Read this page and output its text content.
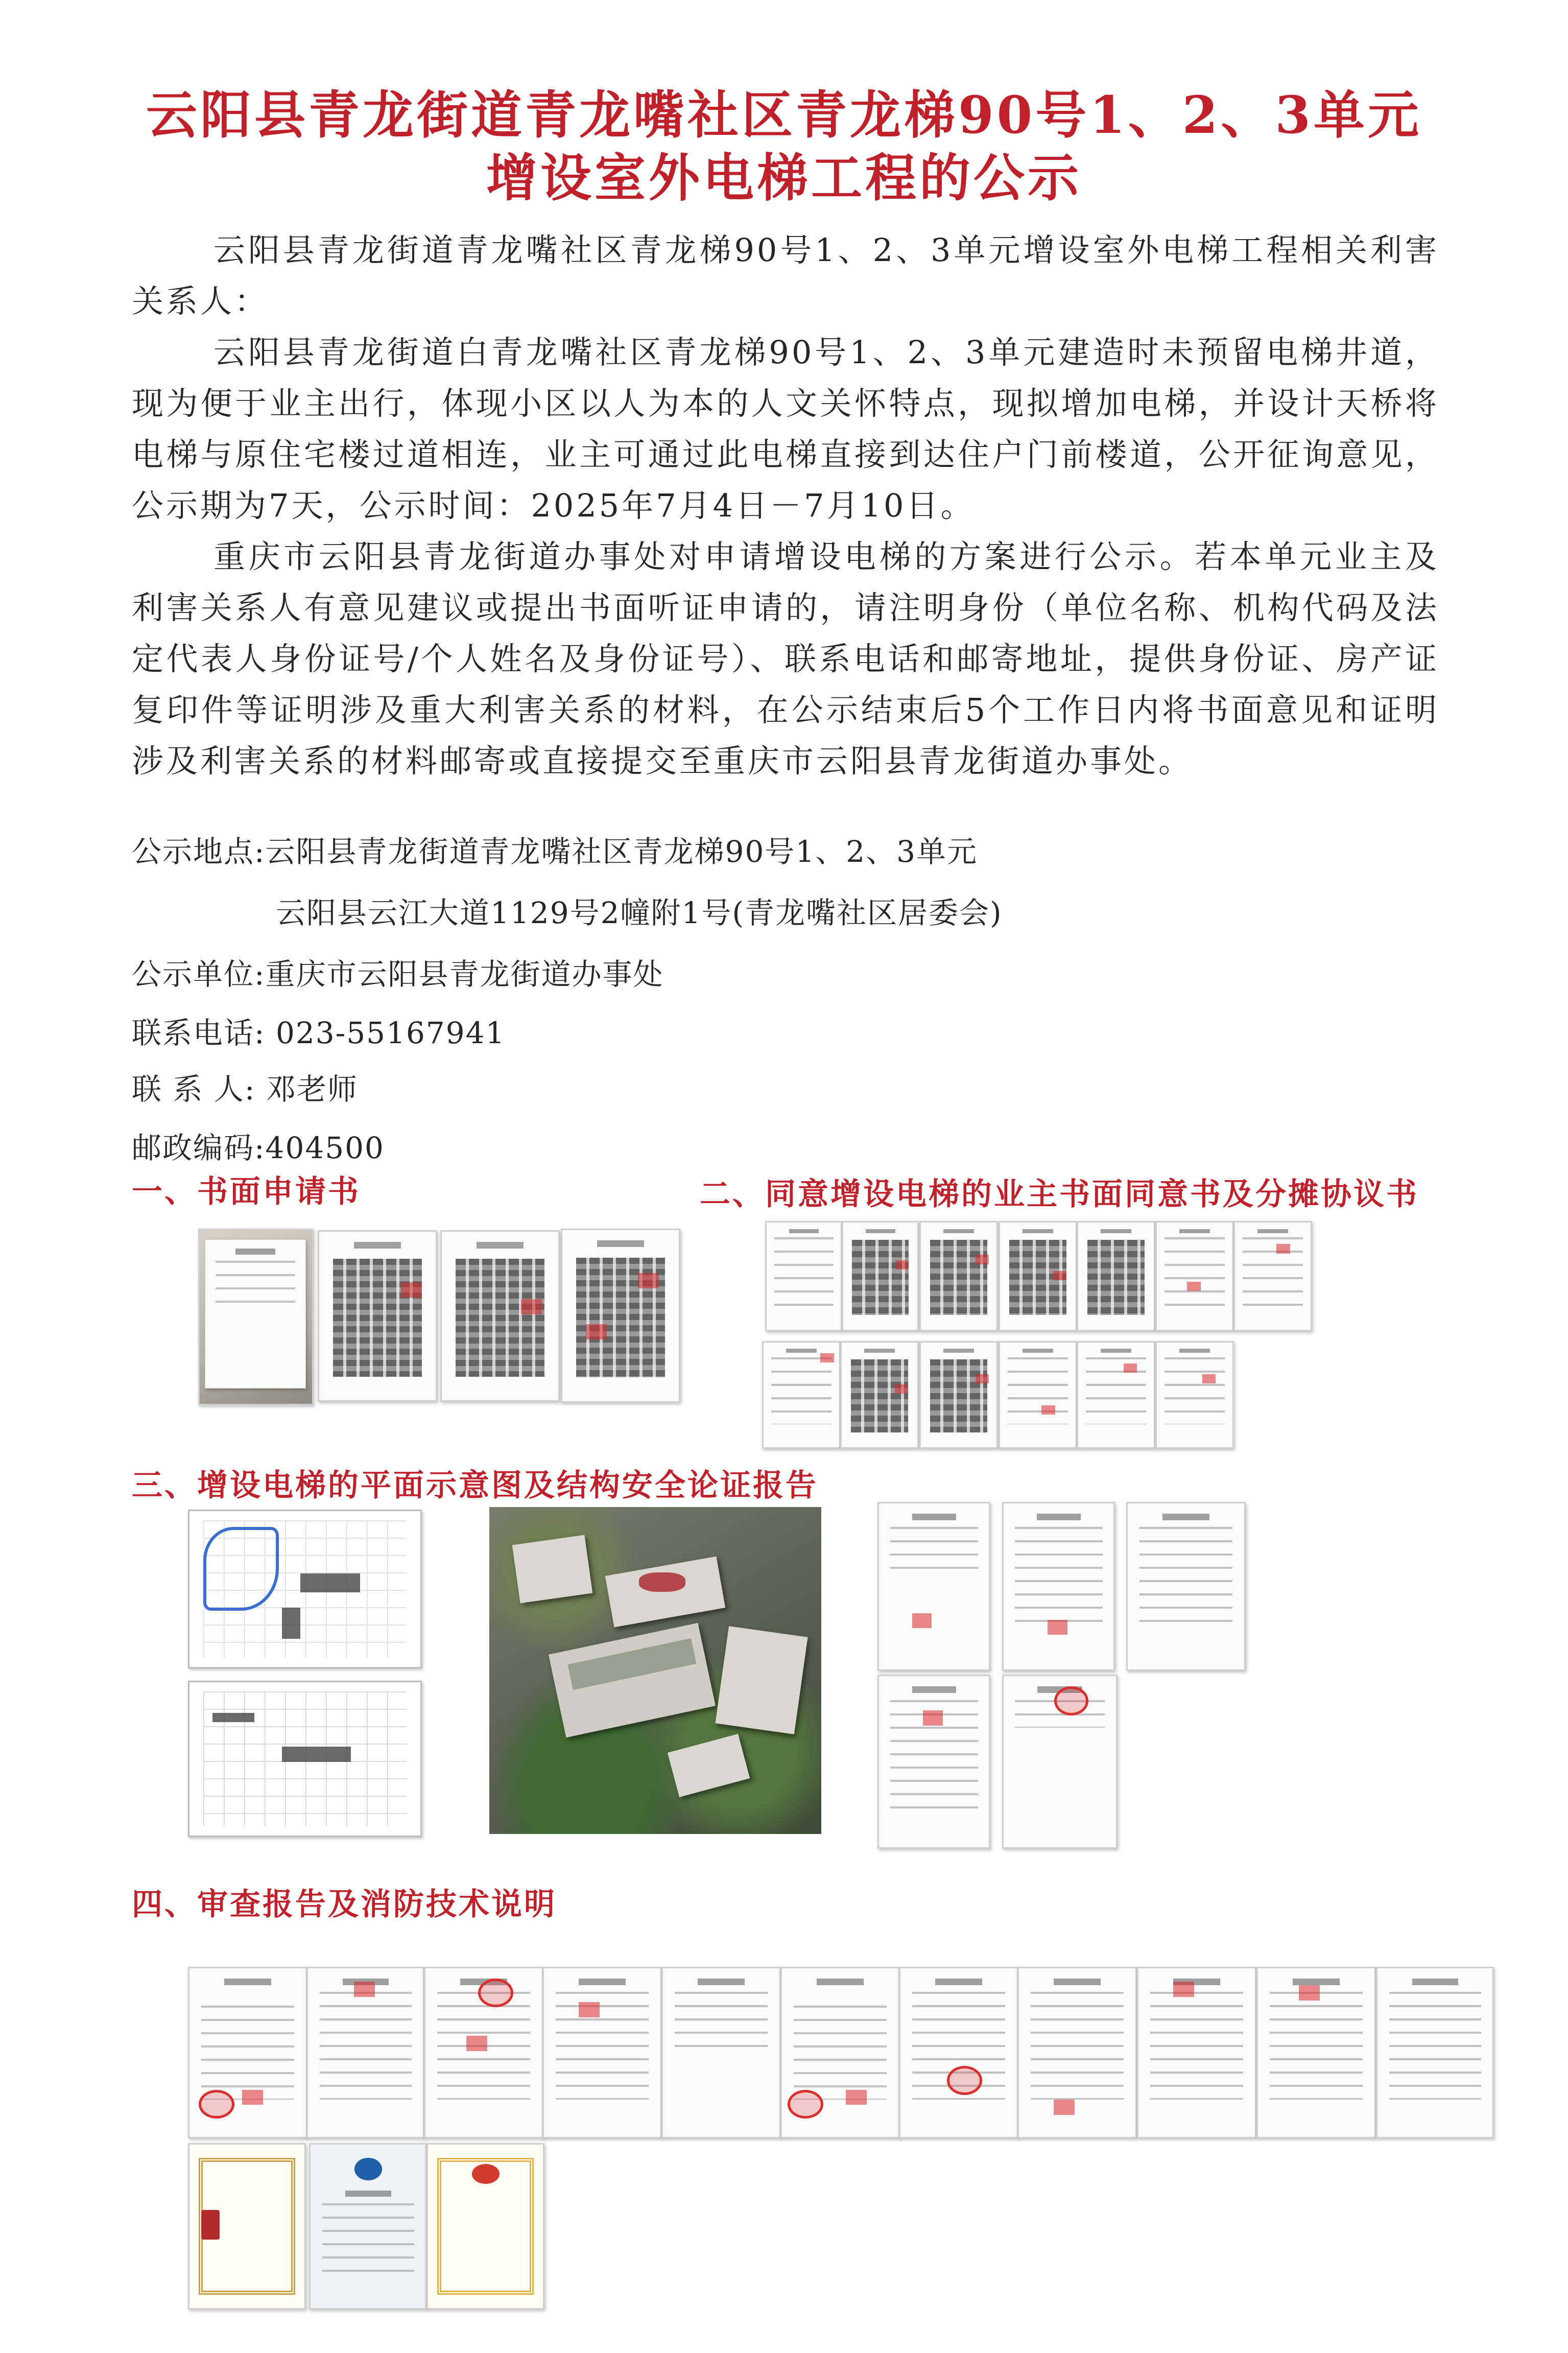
云阳县青龙街道青龙嘴社区青龙梯90号1、2、3单元
增设室外电梯工程的公示

云阳县青龙街道青龙嘴社区青龙梯90号1、2、3单元增设室外电梯工程相关利害关系人：

云阳县青龙街道白青龙嘴社区青龙梯90号1、2、3单元建造时未预留电梯井道，现为便于业主出行，体现小区以人为本的人文关怀特点，现拟增加电梯，并设计天桥将电梯与原住宅楼过道相连，业主可通过此电梯直接到达住户门前楼道，公开征询意见，公示期为7天，公示时间：2025年7月4日－7月10日。

重庆市云阳县青龙街道办事处对申请增设电梯的方案进行公示。若本单元业主及利害关系人有意见建议或提出书面听证申请的，请注明身份（单位名称、机构代码及法定代表人身份证号/个人姓名及身份证号）、联系电话和邮寄地址，提供身份证、房产证复印件等证明涉及重大利害关系的材料，在公示结束后5个工作日内将书面意见和证明涉及利害关系的材料邮寄或直接提交至重庆市云阳县青龙街道办事处。

公示地点:云阳县青龙街道青龙嘴社区青龙梯90号1、2、3单元
云阳县云江大道1129号2幢附1号(青龙嘴社区居委会)
公示单位:重庆市云阳县青龙街道办事处
联系电话: 023-55167941
联 系 人: 邓老师
邮政编码:404500
一、书面申请书	二、同意增设电梯的业主书面同意书及分摊协议书
三、增设电梯的平面示意图及结构安全论证报告
四、审查报告及消防技术说明
